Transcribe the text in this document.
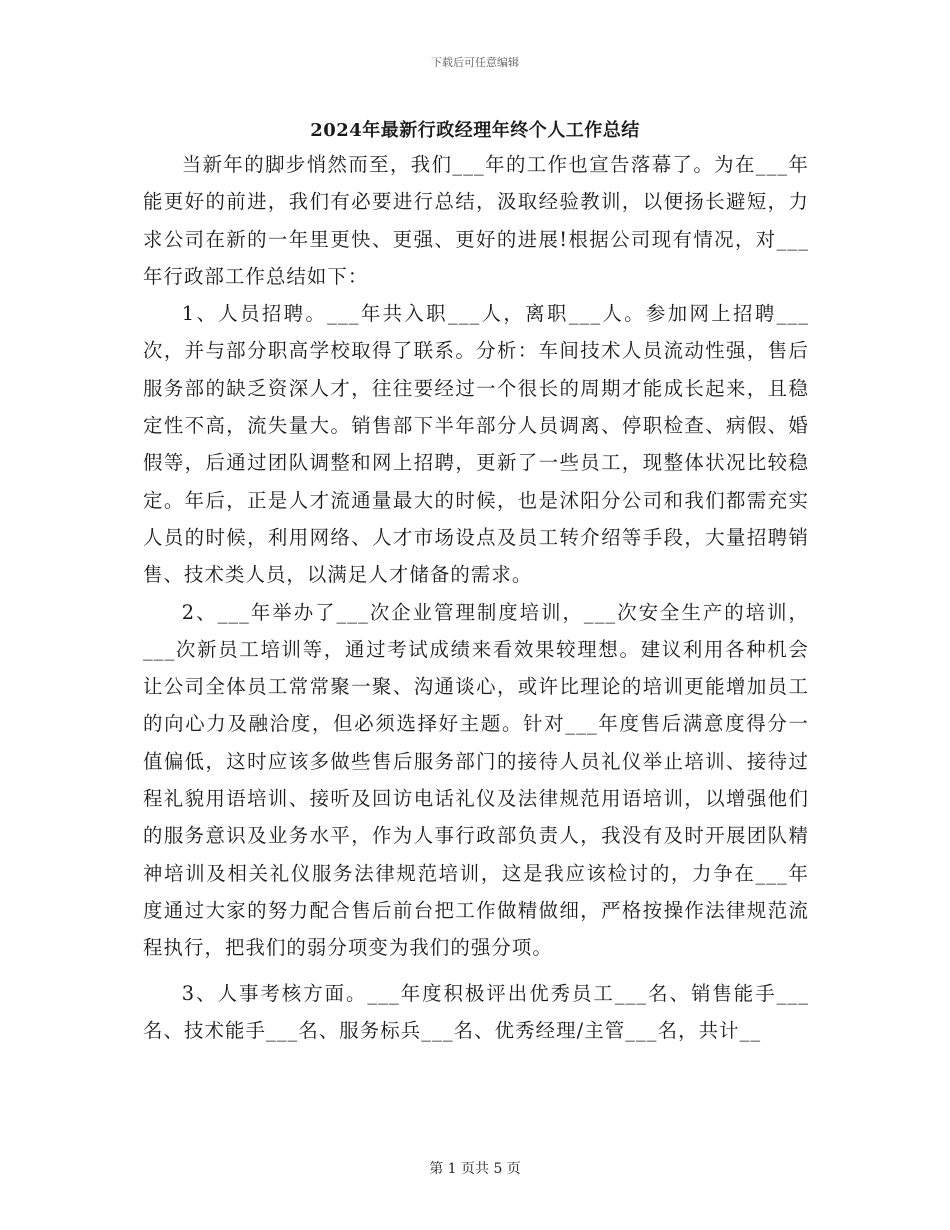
下载后可任意编辑
2024年最新行政经理年终个人工作总结

当新年的脚步悄然而至，我们___年的工作也宣告落幕了。为在___年能更好的前进，我们有必要进行总结，汲取经验教训，以便扬长避短，力求公司在新的一年里更快、更强、更好的进展!根据公司现有情况，对___年行政部工作总结如下：

1、人员招聘。___年共入职___人，离职___人。参加网上招聘___次，并与部分职高学校取得了联系。分析：车间技术人员流动性强，售后服务部的缺乏资深人才，往往要经过一个很长的周期才能成长起来，且稳定性不高，流失量大。销售部下半年部分人员调离、停职检查、病假、婚假等，后通过团队调整和网上招聘，更新了一些员工，现整体状况比较稳定。年后，正是人才流通量最大的时候，也是沭阳分公司和我们都需充实人员的时候，利用网络、人才市场设点及员工转介绍等手段，大量招聘销售、技术类人员，以满足人才储备的需求。

2、___年举办了___次企业管理制度培训，___次安全生产的培训，___次新员工培训等，通过考试成绩来看效果较理想。建议利用各种机会让公司全体员工常常聚一聚、沟通谈心，或许比理论的培训更能增加员工的向心力及融洽度，但必须选择好主题。针对___年度售后满意度得分一值偏低，这时应该多做些售后服务部门的接待人员礼仪举止培训、接待过程礼貌用语培训、接听及回访电话礼仪及法律规范用语培训，以增强他们的服务意识及业务水平，作为人事行政部负责人，我没有及时开展团队精神培训及相关礼仪服务法律规范培训，这是我应该检讨的，力争在___年度通过大家的努力配合售后前台把工作做精做细，严格按操作法律规范流程执行，把我们的弱分项变为我们的强分项。

3、人事考核方面。___年度积极评出优秀员工___名、销售能手___名、技术能手___名、服务标兵___名、优秀经理/主管___名，共计__

第 1 页共 5 页
